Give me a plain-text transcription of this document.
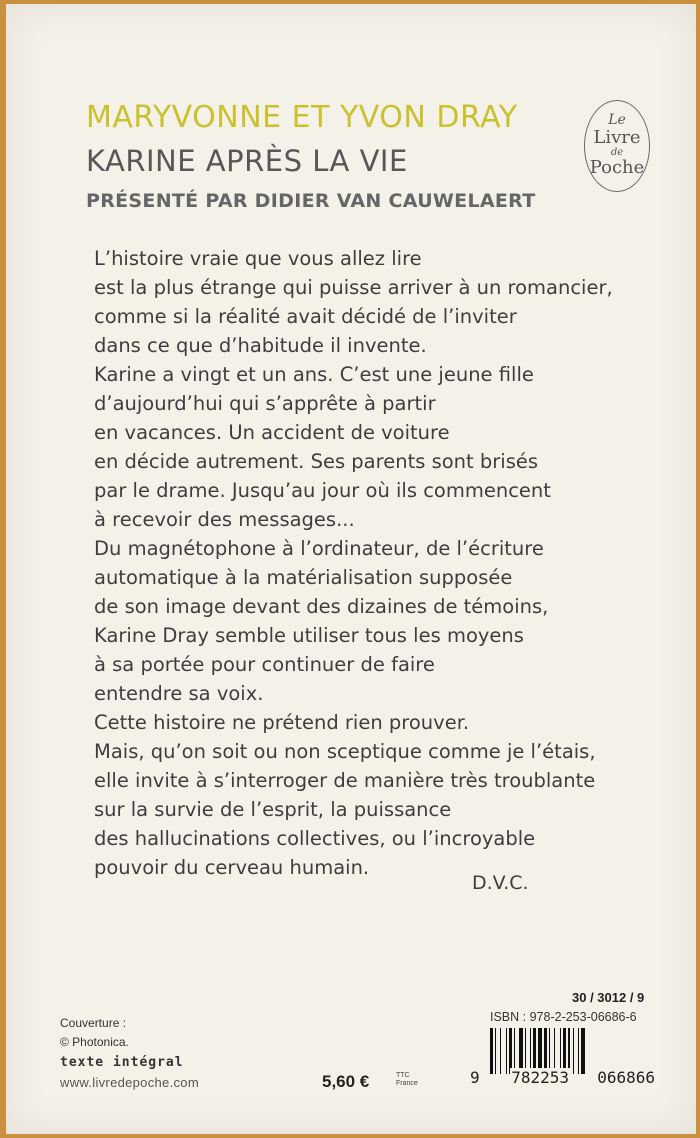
MARYVONNE ET YVON DRAY
KARINE APRÈS LA VIE
PRÉSENTÉ PAR DIDIER VAN CAUWELAERT
Le
Livre
de
Poche
L’histoire vraie que vous allez lire
est la plus étrange qui puisse arriver à un romancier,
comme si la réalité avait décidé de l’inviter
dans ce que d’habitude il invente.
Karine a vingt et un ans. C’est une jeune fille
d’aujourd’hui qui s’apprête à partir
en vacances. Un accident de voiture
en décide autrement. Ses parents sont brisés
par le drame. Jusqu’au jour où ils commencent
à recevoir des messages...
Du magnétophone à l’ordinateur, de l’écriture
automatique à la matérialisation supposée
de son image devant des dizaines de témoins,
Karine Dray semble utiliser tous les moyens
à sa portée pour continuer de faire
entendre sa voix.
Cette histoire ne prétend rien prouver.
Mais, qu’on soit ou non sceptique comme je l’étais,
elle invite à s’interroger de manière très troublante
sur la survie de l’esprit, la puissance
des hallucinations collectives, ou l’incroyable
pouvoir du cerveau humain.
D.V.C.
Couverture :
© Photonica.
texte intégral
www.livredepoche.com	5,60 €	TTC
France
30 / 3012 / 9
ISBN : 978-2-253-06686-6
9 782253 066866
